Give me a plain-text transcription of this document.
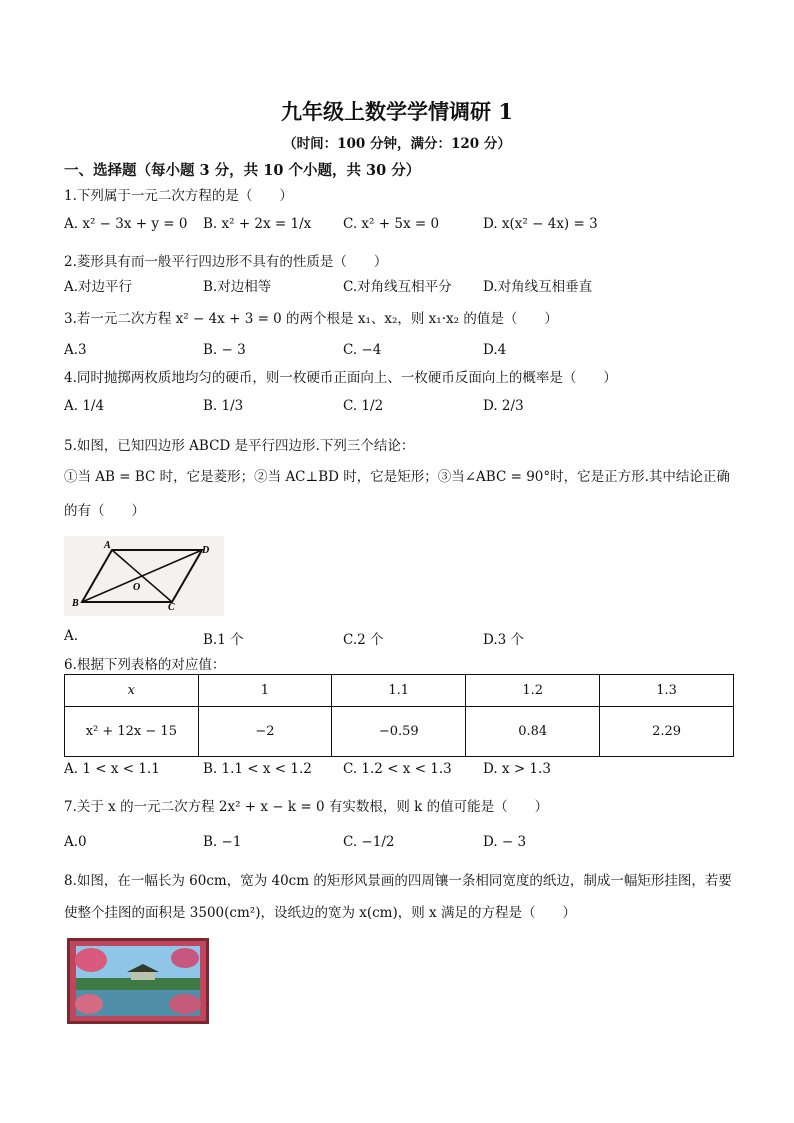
九年级上数学学情调研 1
（时间：100 分钟，满分：120 分）
一、选择题（每小题 3 分，共 10 个小题，共 30 分）
1.下列属于一元二次方程的是（　　）
A. x² − 3x + y = 0 B. x² + 2x = 1/x C. x² + 5x = 0	D. x(x² − 4x) = 3
2.菱形具有而一般平行四边形不具有的性质是（　　）
A.对边平行	B.对边相等	C.对角线互相平分 D.对角线互相垂直
3.若一元二次方程 x² − 4x + 3 = 0 的两个根是 x₁、x₂，则 x₁·x₂ 的值是（　　）
A.3	B. − 3	C. −4	D.4
4.同时抛掷两枚质地均匀的硬币，则一枚硬币正面向上、一枚硬币反面向上的概率是（　　）
A. 1/4	B. 1/3	C. 1/2	D. 2/3
5.如图，已知四边形 ABCD 是平行四边形.下列三个结论：
①当 AB = BC 时，它是菱形；②当 AC⊥BD 时，它是矩形；③当∠ABC = 90°时，它是正方形.其中结论正确
的有（　　）
A	D
O
B	C
A.	B.1 个	C.2 个	D.3 个
6.根据下列表格的对应值：
x	1	1.1	1.2	1.3
x² + 12x − 15	−2	−0.59	0.84	2.29
A. 1 < x < 1.1	B. 1.1 < x < 1.2 C. 1.2 < x < 1.3 D. x > 1.3
7.关于 x 的一元二次方程 2x² + x − k = 0 有实数根，则 k 的值可能是（　　）
A.0	B. −1	C. −1/2	D. − 3
8.如图，在一幅长为 60cm，宽为 40cm 的矩形风景画的四周镶一条相同宽度的纸边，制成一幅矩形挂图，若要
使整个挂图的面积是 3500(cm²)，设纸边的宽为 x(cm)，则 x 满足的方程是（　　）
